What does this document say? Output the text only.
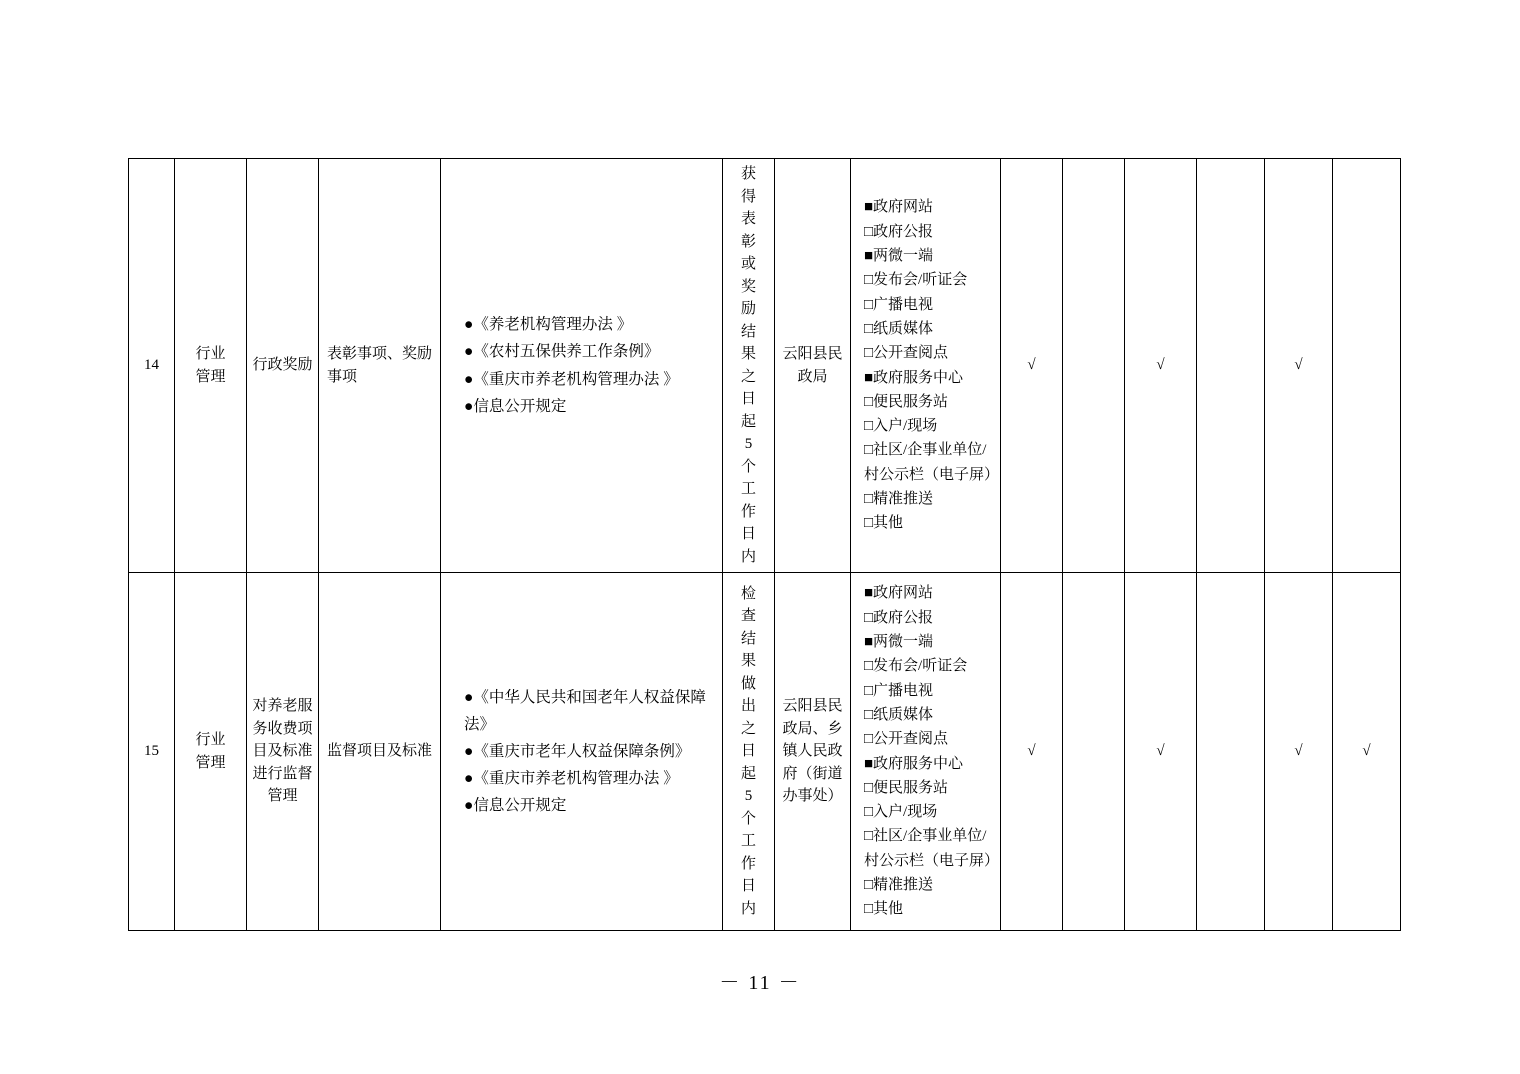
14	行业管理	行政奖励	表彰事项、奖励事项	
●《养老机构管理办法 》
●《农村五保供养工作条例》
●《重庆市养老机构管理办法 》
●信息公开规定
	获得表彰或奖励结果之日起 5 个工作日内	云阳县民政局	
■政府网站
□政府公报
■两微一端
□发布会/听证会
□广播电视
□纸质媒体
□公开查阅点
■政府服务中心
□便民服务站
□入户/现场
□社区/企事业单位/村公示栏（电子屏）
□精准推送
□其他
	√		√		√	
15	行业管理	对养老服务收费项目及标准进行监督管理	监督项目及标准	
●《中华人民共和国老年人权益保障法》
●《重庆市老年人权益保障条例》
●《重庆市养老机构管理办法 》
●信息公开规定
	检查结果做出之日起 5 个工作日内	云阳县民政局、乡镇人民政府（街道办事处）	
■政府网站
□政府公报
■两微一端
□发布会/听证会
□广播电视
□纸质媒体
□公开查阅点
■政府服务中心
□便民服务站
□入户/现场
□社区/企事业单位/村公示栏（电子屏）
□精准推送
□其他
	√		√		√	√
－ 11 －
